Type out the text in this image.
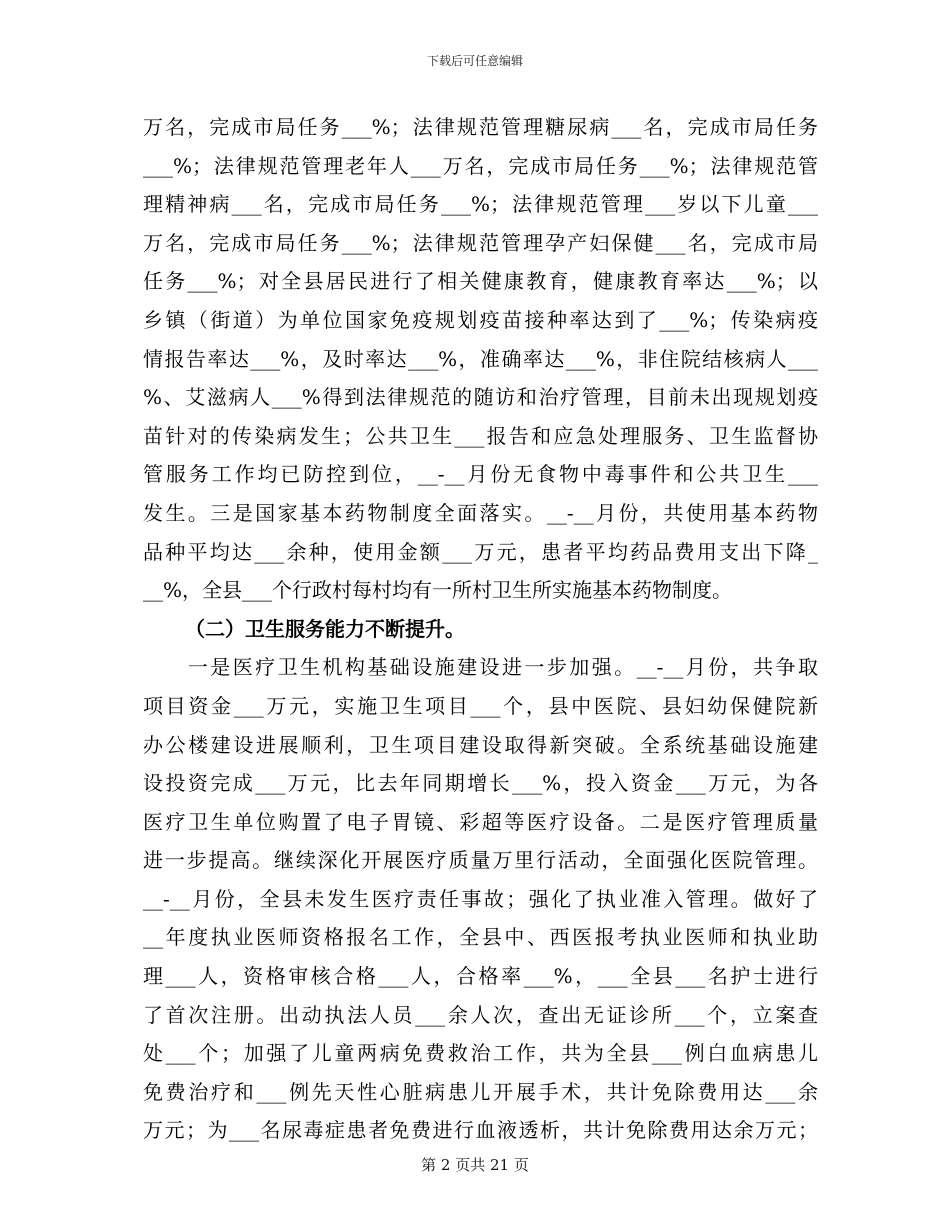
下载后可任意编辑
万名，完成市局任务___%；法律规范管理糖尿病___名，完成市局任务
___%；法律规范管理老年人___万名，完成市局任务___%；法律规范管
理精神病___名，完成市局任务___%；法律规范管理___岁以下儿童___
万名，完成市局任务___%；法律规范管理孕产妇保健___名，完成市局
任务___%；对全县居民进行了相关健康教育，健康教育率达___%；以
乡镇（街道）为单位国家免疫规划疫苗接种率达到了___%；传染病疫
情报告率达___%，及时率达___%，准确率达___%，非住院结核病人___
%、艾滋病人___%得到法律规范的随访和治疗管理，目前未出现规划疫
苗针对的传染病发生；公共卫生___报告和应急处理服务、卫生监督协
管服务工作均已防控到位，__-__月份无食物中毒事件和公共卫生___
发生。三是国家基本药物制度全面落实。__-__月份，共使用基本药物
品种平均达___余种，使用金额___万元，患者平均药品费用支出下降_
__%，全县___个行政村每村均有一所村卫生所实施基本药物制度。
（二）卫生服务能力不断提升。
　　一是医疗卫生机构基础设施建设进一步加强。__-__月份，共争取
项目资金___万元，实施卫生项目___个，县中医院、县妇幼保健院新
办公楼建设进展顺利，卫生项目建设取得新突破。全系统基础设施建
设投资完成___万元，比去年同期增长___%，投入资金___万元，为各
医疗卫生单位购置了电子胃镜、彩超等医疗设备。二是医疗管理质量
进一步提高。继续深化开展医疗质量万里行活动，全面强化医院管理。
__-__月份，全县未发生医疗责任事故；强化了执业准入管理。做好了
__年度执业医师资格报名工作，全县中、西医报考执业医师和执业助
理___人，资格审核合格___人，合格率___%，___全县___名护士进行
了首次注册。出动执法人员___余人次，查出无证诊所___个，立案查
处___个；加强了儿童两病免费救治工作，共为全县___例白血病患儿
免费治疗和___例先天性心脏病患儿开展手术，共计免除费用达___余
万元；为___名尿毒症患者免费进行血液透析，共计免除费用达余万元；
第 2 页共 21 页
